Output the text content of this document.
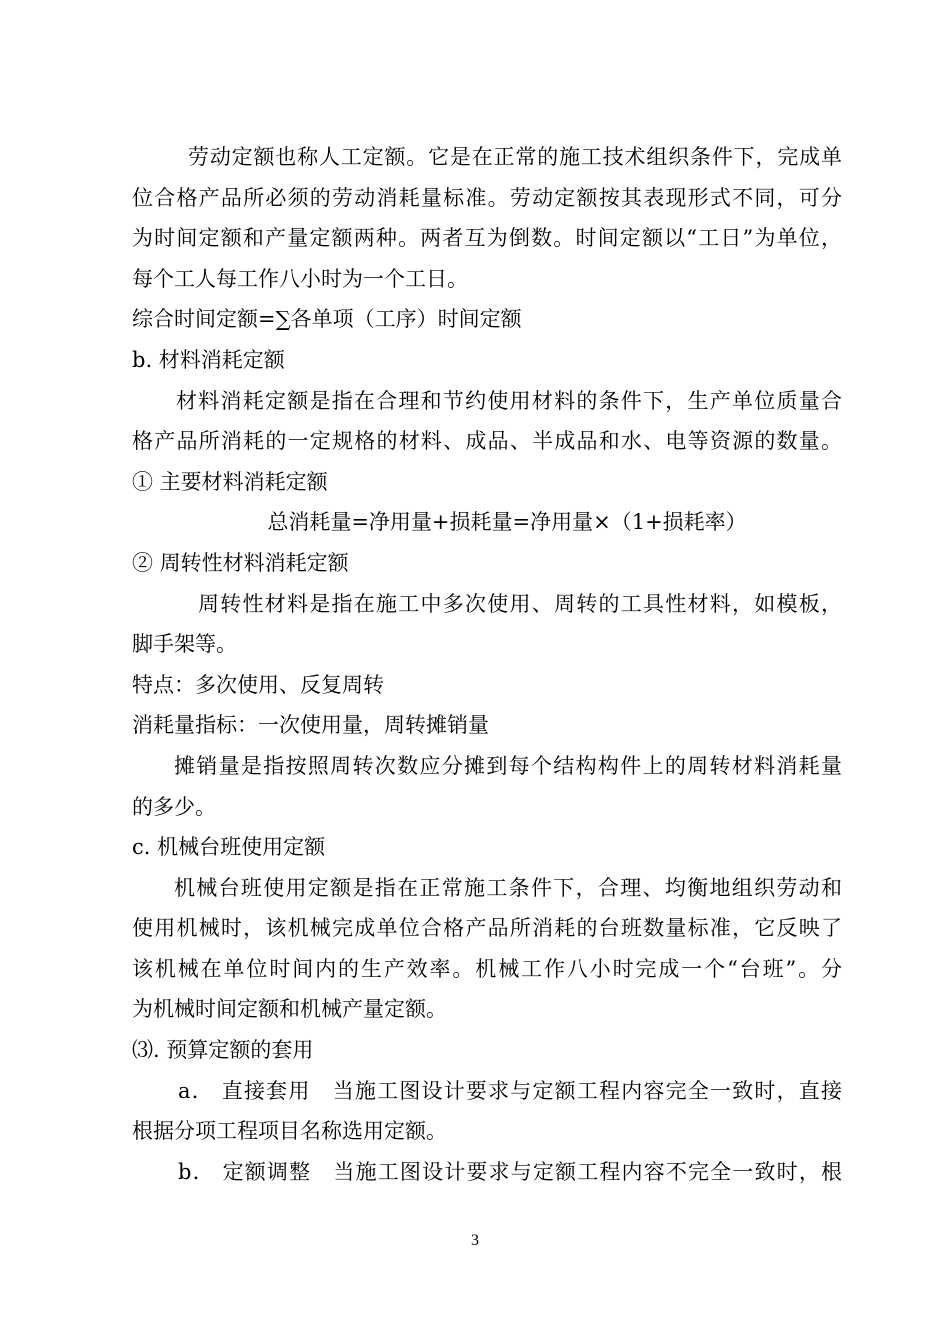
劳动定额也称人工定额。它是在正常的施工技术组织条件下，完成单
位合格产品所必须的劳动消耗量标准。劳动定额按其表现形式不同，可分
为时间定额和产量定额两种。两者互为倒数。时间定额以“工日”为单位，
每个工人每工作八小时为一个工日。
综合时间定额=∑各单项（工序）时间定额
b. 材料消耗定额
材料消耗定额是指在合理和节约使用材料的条件下，生产单位质量合
格产品所消耗的一定规格的材料、成品、半成品和水、电等资源的数量。
① 主要材料消耗定额
总消耗量=净用量+损耗量=净用量×（1+损耗率）
② 周转性材料消耗定额
周转性材料是指在施工中多次使用、周转的工具性材料，如模板，
脚手架等。
特点：多次使用、反复周转
消耗量指标：一次使用量，周转摊销量
摊销量是指按照周转次数应分摊到每个结构构件上的周转材料消耗量
的多少。
c. 机械台班使用定额
机械台班使用定额是指在正常施工条件下，合理、均衡地组织劳动和
使用机械时，该机械完成单位合格产品所消耗的台班数量标准，它反映了
该机械在单位时间内的生产效率。机械工作八小时完成一个“台班”。分
为机械时间定额和机械产量定额。
⑶. 预算定额的套用
a． 直接套用　当施工图设计要求与定额工程内容完全一致时，直接
根据分项工程项目名称选用定额。
b． 定额调整　当施工图设计要求与定额工程内容不完全一致时，根
3
